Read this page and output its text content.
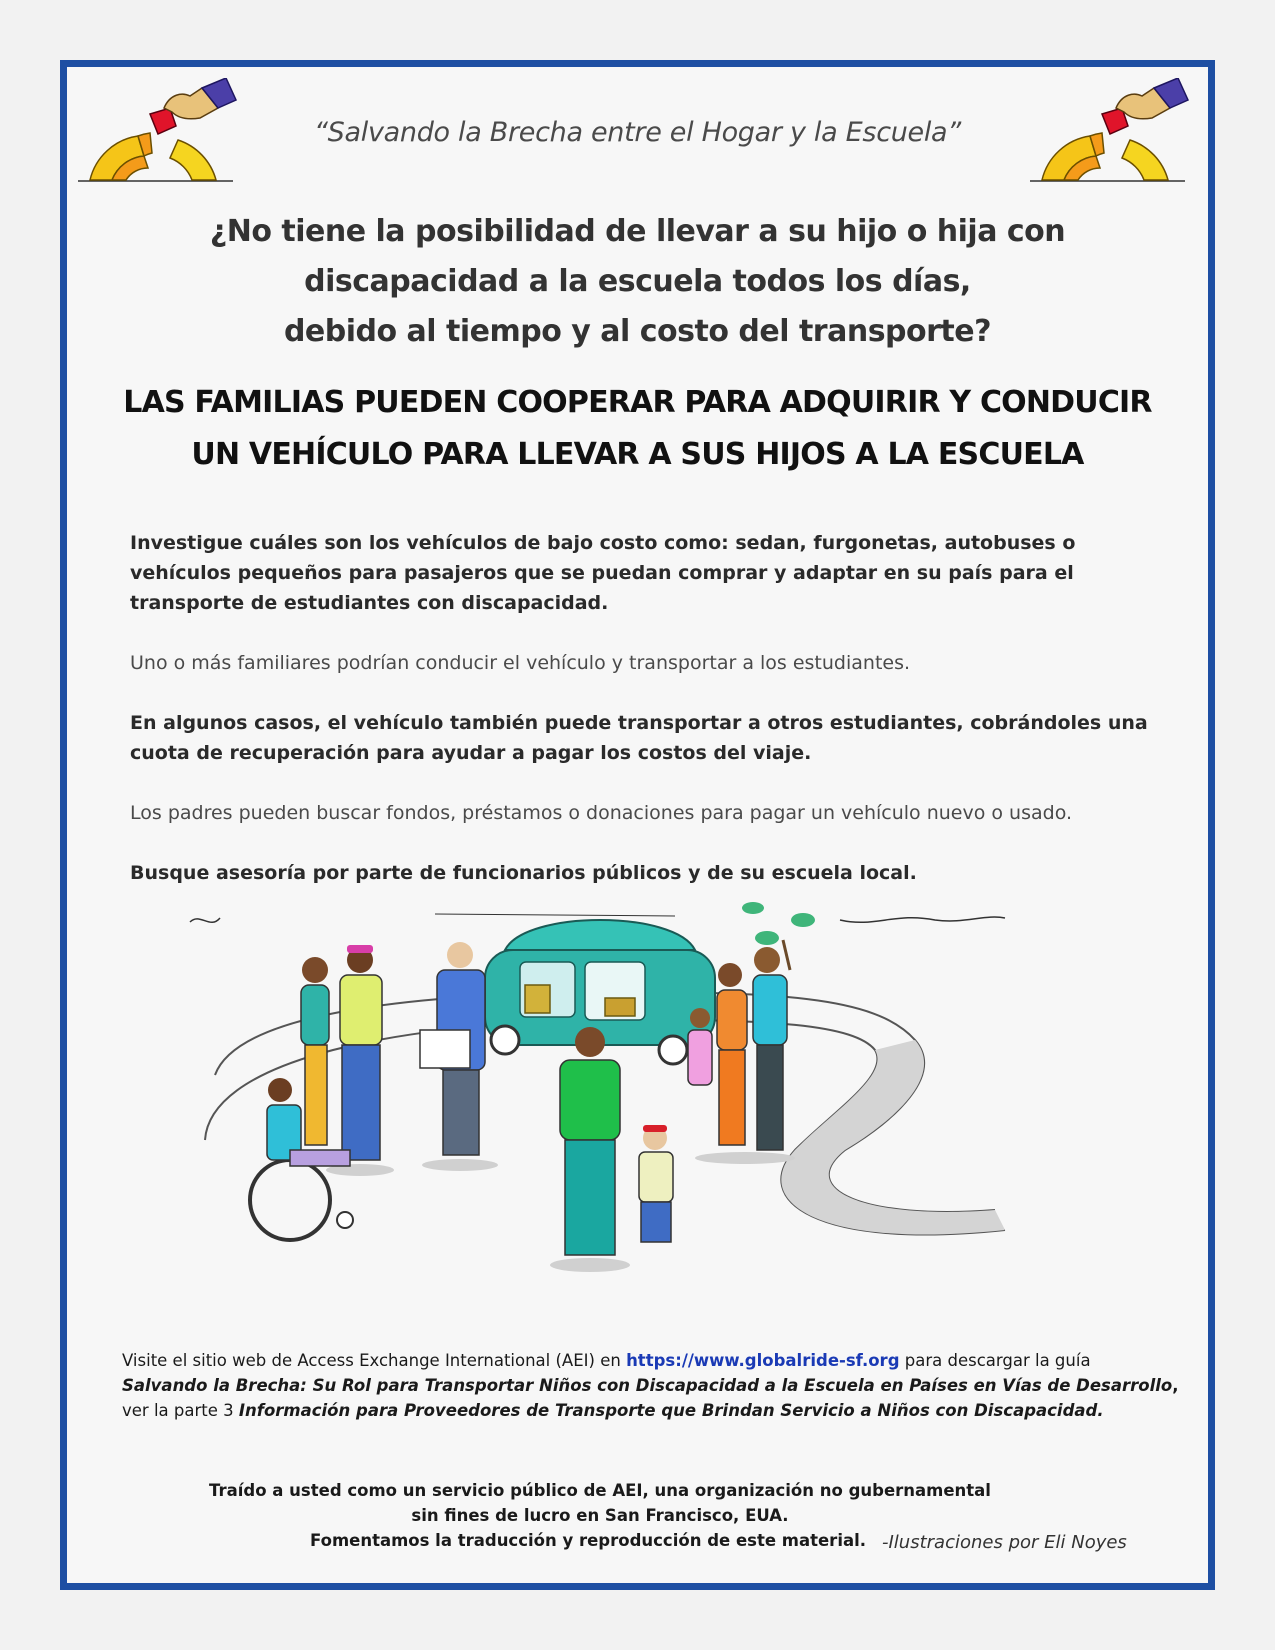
“Salvando la Brecha entre el Hogar y la Escuela”
¿No tiene la posibilidad de llevar a su hijo o hija con
discapacidad a la escuela todos los días,
debido al tiempo y al costo del transporte?
LAS FAMILIAS PUEDEN COOPERAR PARA ADQUIRIR Y CONDUCIR
UN VEHÍCULO PARA LLEVAR A SUS HIJOS A LA ESCUELA

Investigue cuáles son los vehículos de bajo costo como: sedan, furgonetas, autobuses o vehículos pequeños para pasajeros que se puedan comprar y adaptar en su país para el transporte de estudiantes con discapacidad.

Uno o más familiares podrían conducir el vehículo y transportar a los estudiantes.

En algunos casos, el vehículo también puede transportar a otros estudiantes, cobrándoles una cuota de recuperación para ayudar a pagar los costos del viaje.

Los padres pueden buscar fondos, préstamos o donaciones para pagar un vehículo nuevo o usado.

Busque asesoría por parte de funcionarios públicos y de su escuela local.

Visite el sitio web de Access Exchange International (AEI) en https://www.globalride-sf.org para descargar la guía
Salvando la Brecha: Su Rol para Transportar Niños con Discapacidad a la Escuela en Países en Vías de Desarrollo,
ver la parte 3 Información para Proveedores de Transporte que Brindan Servicio a Niños con Discapacidad.
Traído a usted como un servicio público de AEI, una organización no gubernamental
sin fines de lucro en San Francisco, EUA.
Fomentamos la traducción y reproducción de este material. -Ilustraciones por Eli Noyes
